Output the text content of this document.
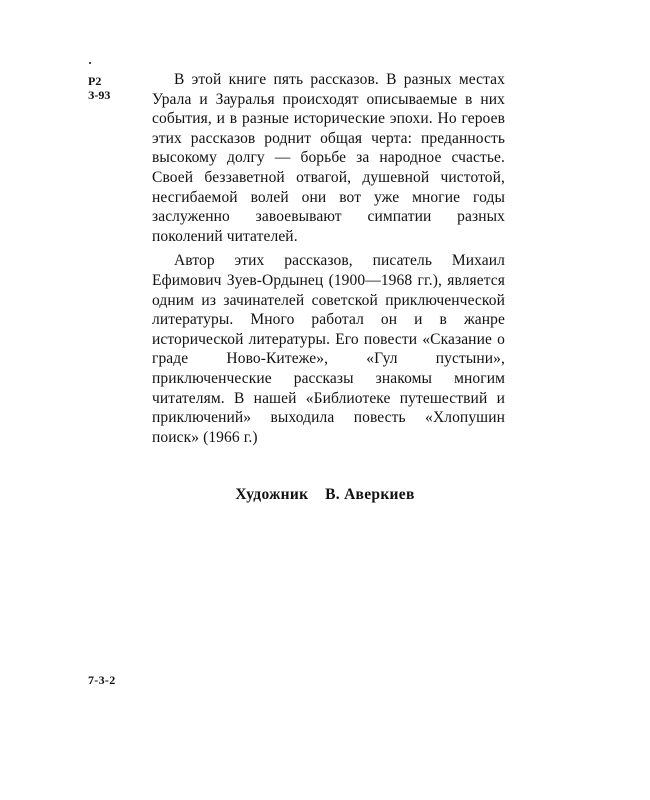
Р2
З-93

В этой книге пять рассказов. В разных местах Урала и Зауралья происходят описываемые в них события, и в разные исторические эпохи. Но героев этих рассказов роднит общая черта: преданность высокому долгу — борьбе за народное счастье. Своей беззаветной отвагой, душевной чистотой, несгибаемой волей они вот уже многие годы заслуженно завоевывают симпатии разных поколений читателей.

Автор этих рассказов, писатель Михаил Ефимович Зуев-Ордынец (1900—1968 гг.), является одним из зачинателей советской приключенческой литературы. Много работал он и в жанре исторической литературы. Его повести «Сказание о граде Ново-Китеже», «Гул пустыни», приключенческие рассказы знакомы многим читателям. В нашей «Библиотеке путешествий и приключений» выходила повесть «Хлопушин поиск» (1966 г.)

Художник В. Аверкиев
7-3-2
